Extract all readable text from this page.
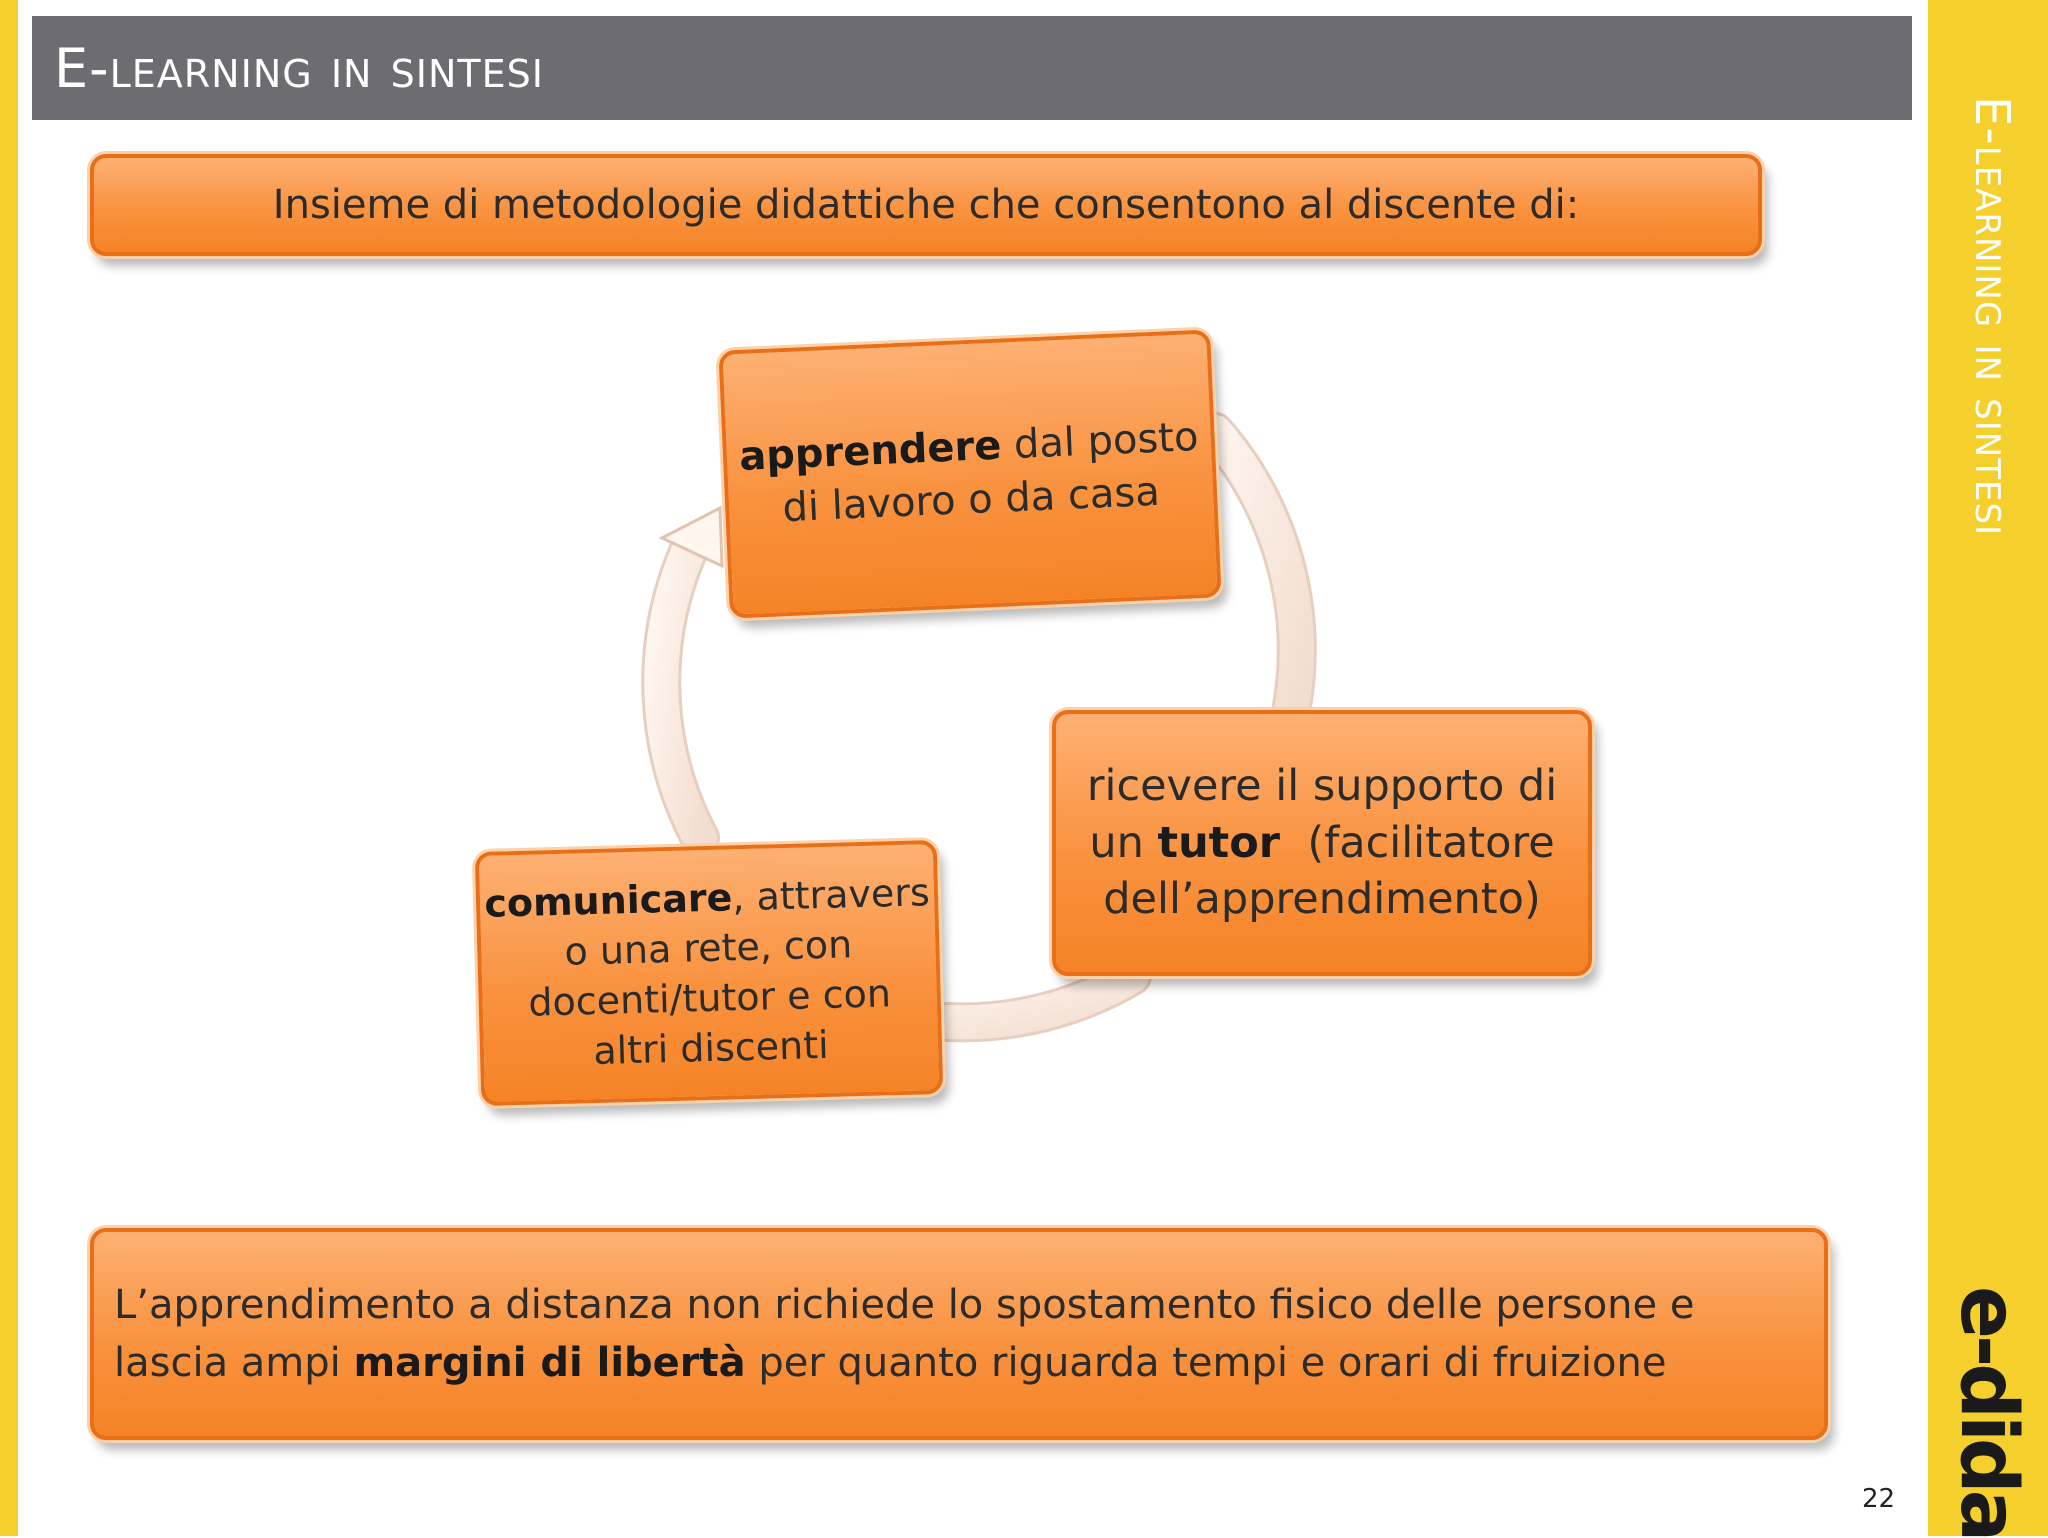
E-learning in sintesi
E-learning in sintesi
e-dida
Insieme di metodologie didattiche che consentono al discente di:
apprendere dal posto
di lavoro o da casa
ricevere il supporto di
un tutor  (facilitatore
dell’apprendimento)
comunicare, attravers
o una rete, con
docenti/tutor e con
altri discenti
L’apprendimento a distanza non richiede lo spostamento fisico delle persone e
lascia ampi margini di libertà per quanto riguarda tempi e orari di fruizione
22
